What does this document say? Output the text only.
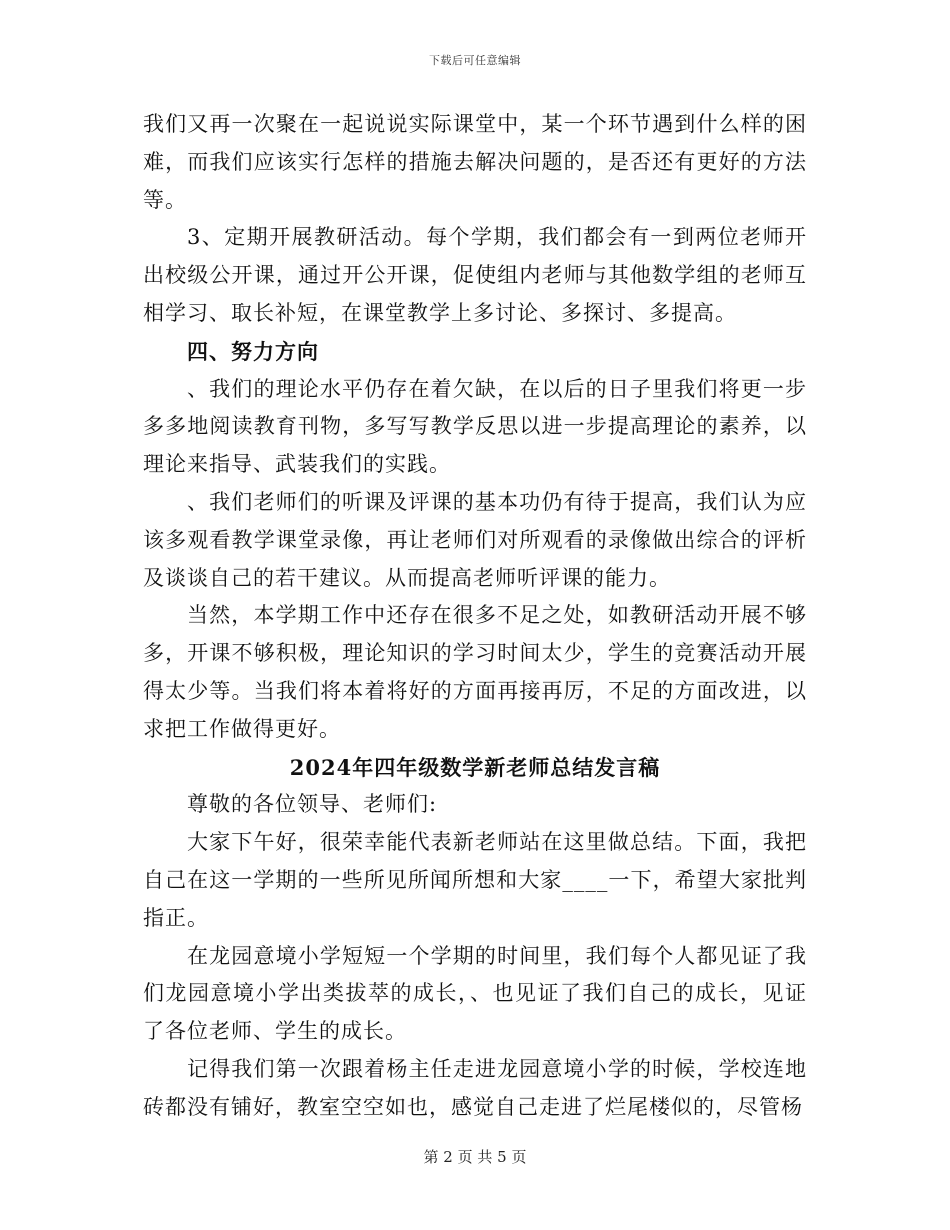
下载后可任意编辑

我们又再一次聚在一起说说实际课堂中，某一个环节遇到什么样的困难，而我们应该实行怎样的措施去解决问题的，是否还有更好的方法等。

3、定期开展教研活动。每个学期，我们都会有一到两位老师开出校级公开课，通过开公开课，促使组内老师与其他数学组的老师互相学习、取长补短，在课堂教学上多讨论、多探讨、多提高。

四、努力方向

、我们的理论水平仍存在着欠缺，在以后的日子里我们将更一步多多地阅读教育刊物，多写写教学反思以进一步提高理论的素养，以理论来指导、武装我们的实践。

、我们老师们的听课及评课的基本功仍有待于提高，我们认为应该多观看教学课堂录像，再让老师们对所观看的录像做出综合的评析及谈谈自己的若干建议。从而提高老师听评课的能力。

当然，本学期工作中还存在很多不足之处，如教研活动开展不够多，开课不够积极，理论知识的学习时间太少，学生的竞赛活动开展得太少等。当我们将本着将好的方面再接再厉，不足的方面改进，以求把工作做得更好。

2024年四年级数学新老师总结发言稿

尊敬的各位领导、老师们:

大家下午好，很荣幸能代表新老师站在这里做总结。下面，我把自己在这一学期的一些所见所闻所想和大家____一下，希望大家批判指正。

在龙园意境小学短短一个学期的时间里，我们每个人都见证了我们龙园意境小学出类拔萃的成长，、也见证了我们自己的成长，见证了各位老师、学生的成长。

记得我们第一次跟着杨主任走进龙园意境小学的时候，学校连地砖都没有铺好，教室空空如也，感觉自己走进了烂尾楼似的，尽管杨

第 2 页 共 5 页
